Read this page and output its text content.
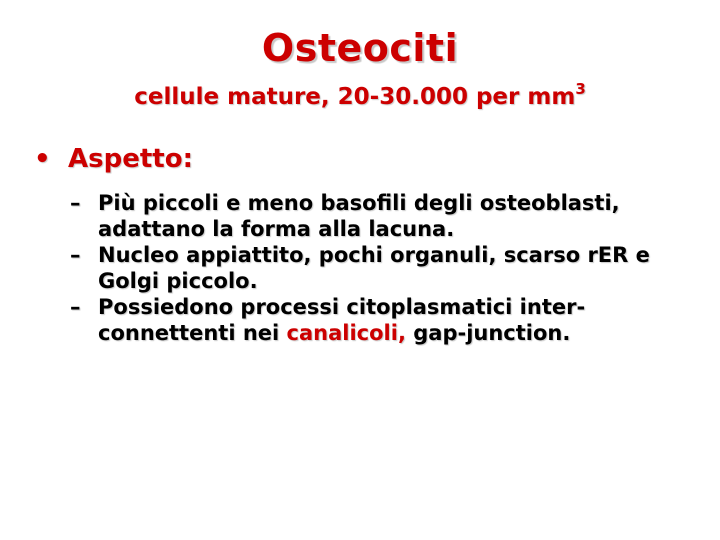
Osteociti
cellule mature, 20-30.000 per $mm^3$
• Aspetto:
– Più piccoli e meno basofili degli osteoblasti, adattano la forma alla lacuna.
– Nucleo appiattito, pochi organuli, scarso rER e Golgi piccolo.
– Possiedono processi citoplasmatici inter-connettenti nei canalicoli, gap-junction.
